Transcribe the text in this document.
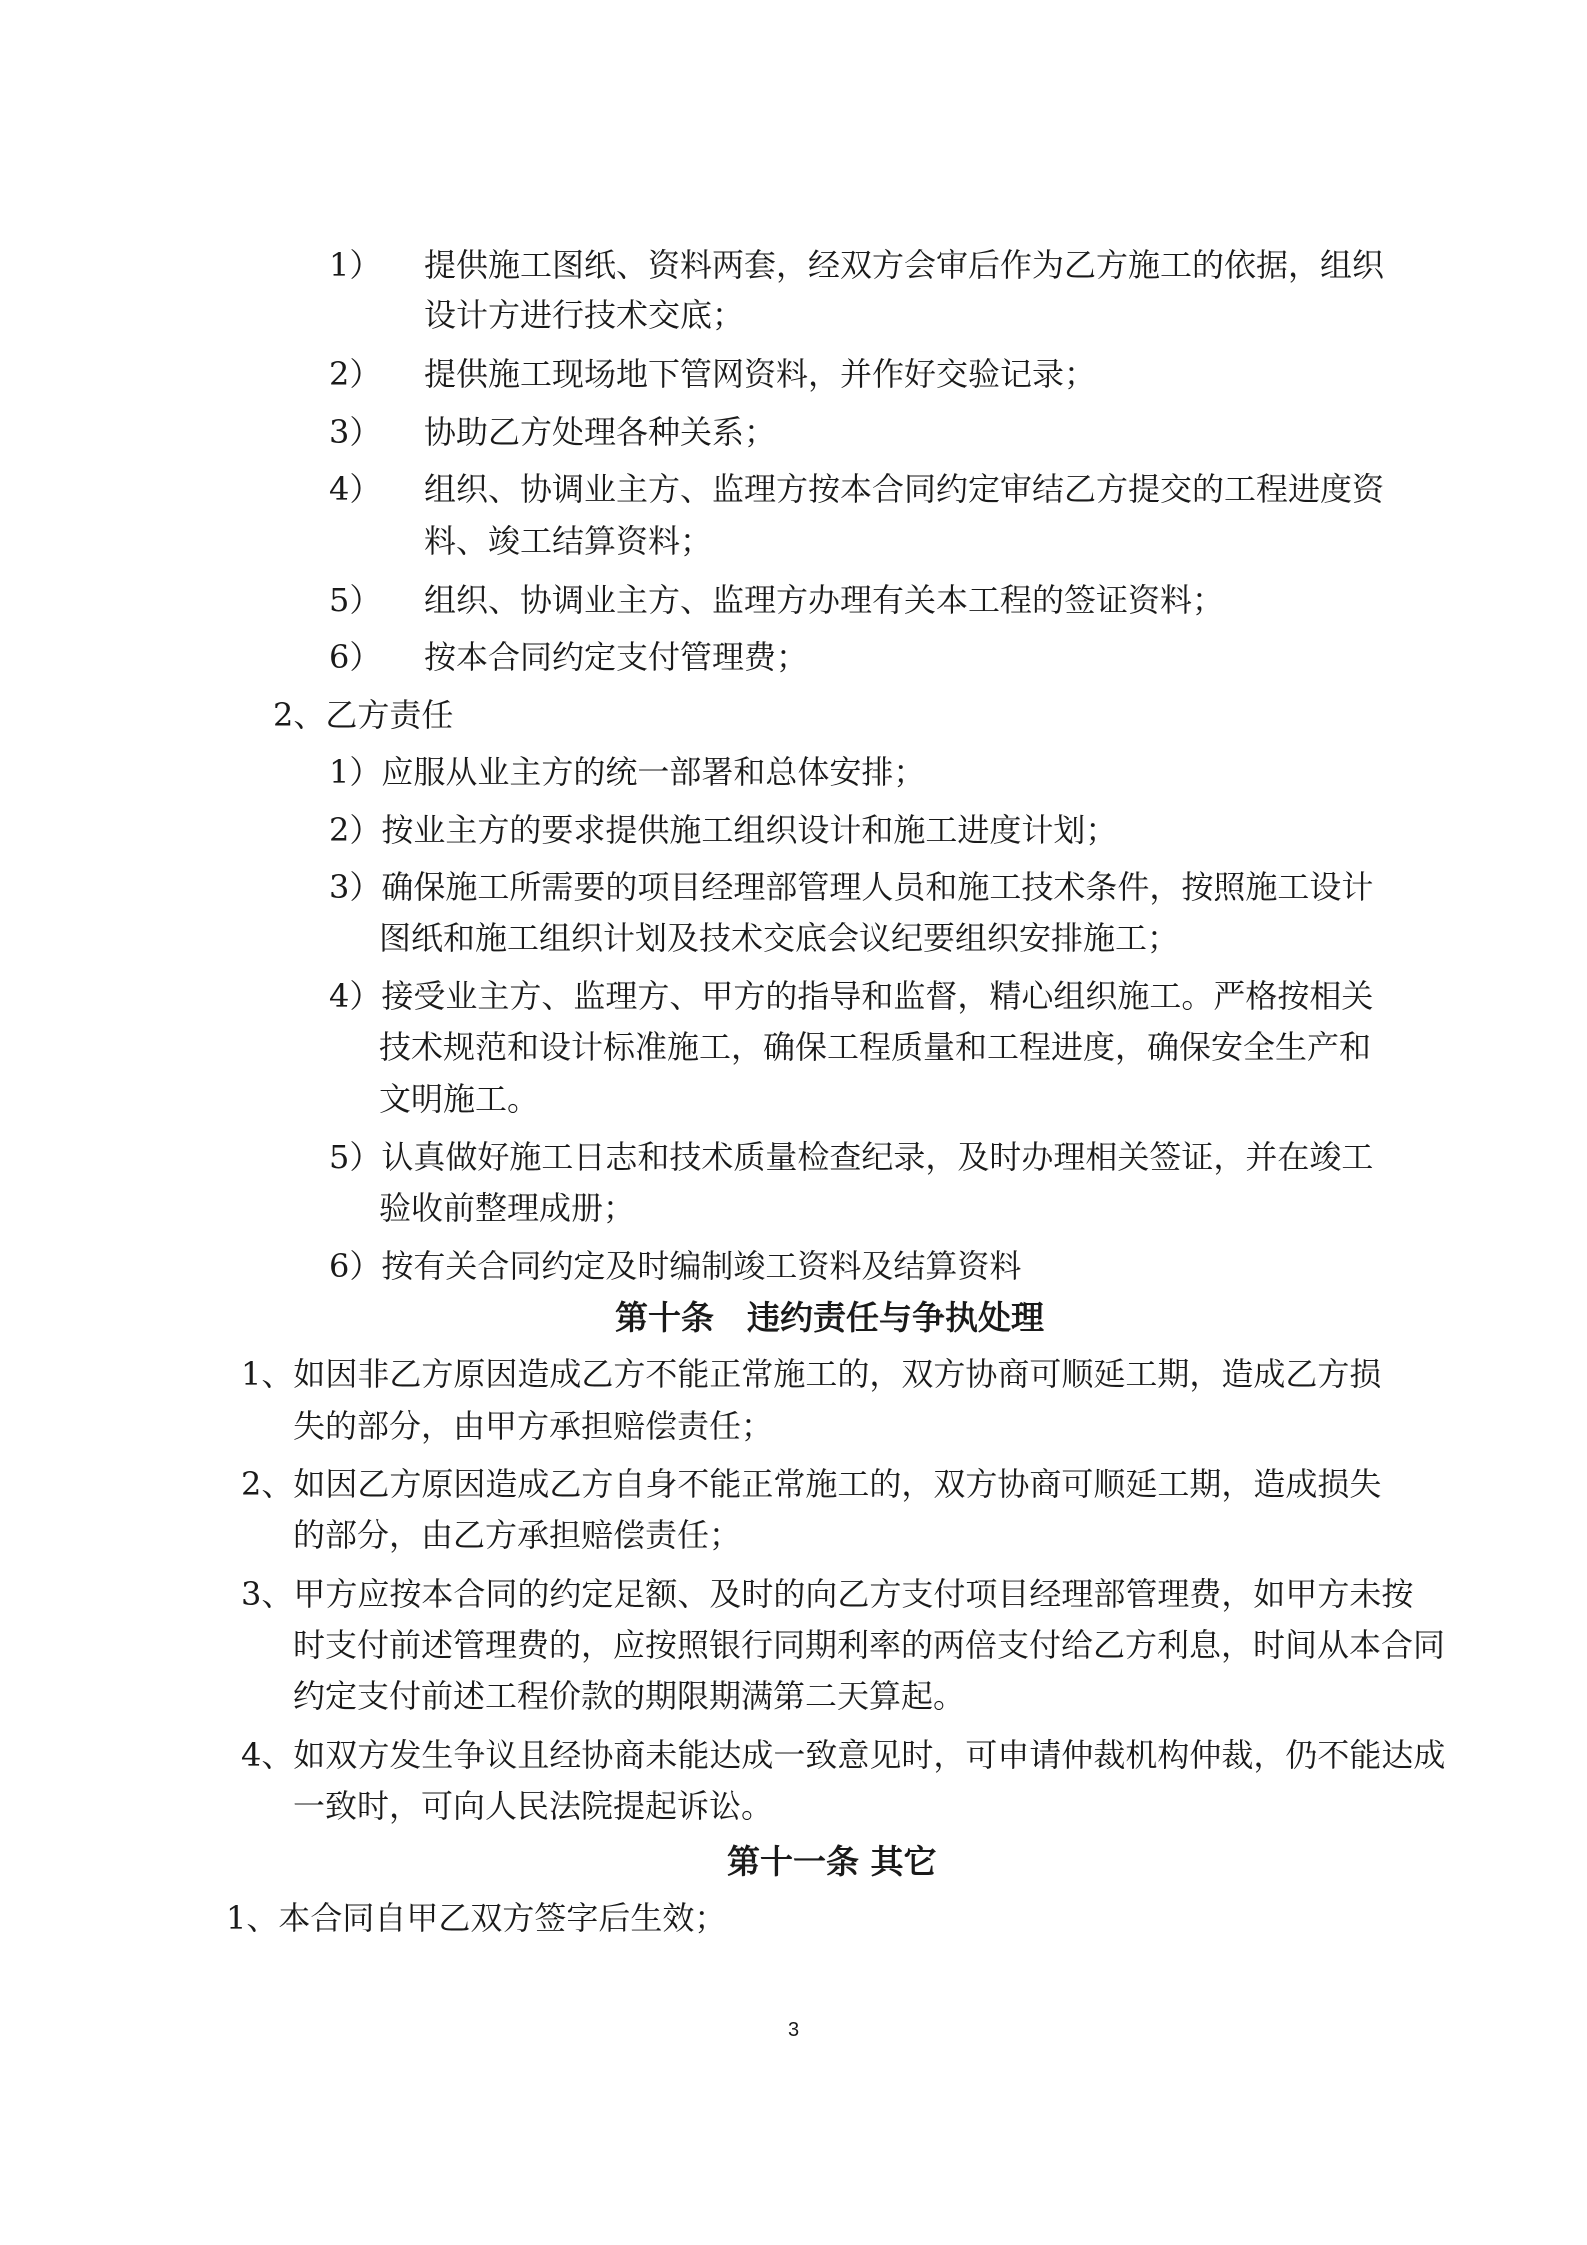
1） 提供施工图纸、资料两套，经双方会审后作为乙方施工的依据，组织
设计方进行技术交底；
2） 提供施工现场地下管网资料，并作好交验记录；
3） 协助乙方处理各种关系；
4） 组织、协调业主方、监理方按本合同约定审结乙方提交的工程进度资
料、竣工结算资料；
5） 组织、协调业主方、监理方办理有关本工程的签证资料；
6） 按本合同约定支付管理费；
2、乙方责任
1）应服从业主方的统一部署和总体安排；
2）按业主方的要求提供施工组织设计和施工进度计划；
3）确保施工所需要的项目经理部管理人员和施工技术条件，按照施工设计
图纸和施工组织计划及技术交底会议纪要组织安排施工；
4）接受业主方、监理方、甲方的指导和监督，精心组织施工。严格按相关
技术规范和设计标准施工，确保工程质量和工程进度，确保安全生产和
文明施工。
5）认真做好施工日志和技术质量检查纪录，及时办理相关签证，并在竣工
验收前整理成册；
6）按有关合同约定及时编制竣工资料及结算资料
第十条　违约责任与争执处理
1、如因非乙方原因造成乙方不能正常施工的，双方协商可顺延工期，造成乙方损
失的部分，由甲方承担赔偿责任；
2、如因乙方原因造成乙方自身不能正常施工的，双方协商可顺延工期，造成损失
的部分，由乙方承担赔偿责任；
3、甲方应按本合同的约定足额、及时的向乙方支付项目经理部管理费，如甲方未按
时支付前述管理费的，应按照银行同期利率的两倍支付给乙方利息，时间从本合同
约定支付前述工程价款的期限期满第二天算起。
4、如双方发生争议且经协商未能达成一致意见时，可申请仲裁机构仲裁，仍不能达成
一致时，可向人民法院提起诉讼。
第十一条 其它
1、本合同自甲乙双方签字后生效；
3
